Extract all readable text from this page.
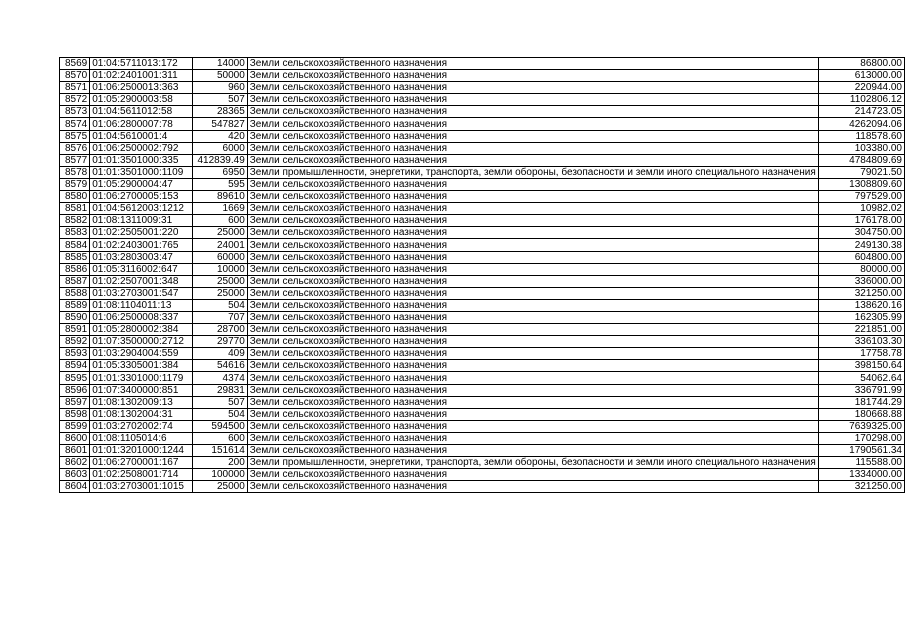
8569	01:04:5711013:172	14000	Земли сельскохозяйственного назначения	86800.00
8570	01:02:2401001:311	50000	Земли сельскохозяйственного назначения	613000.00
8571	01:06:2500013:363	960	Земли сельскохозяйственного назначения	220944.00
8572	01:05:2900003:58	507	Земли сельскохозяйственного назначения	1102806.12
8573	01:04:5611012:58	28365	Земли сельскохозяйственного назначения	214723.05
8574	01:06:2800007:78	547827	Земли сельскохозяйственного назначения	4262094.06
8575	01:04:5610001:4	420	Земли сельскохозяйственного назначения	118578.60
8576	01:06:2500002:792	6000	Земли сельскохозяйственного назначения	103380.00
8577	01:01:3501000:335	412839.49	Земли сельскохозяйственного назначения	4784809.69
8578	01:01:3501000:1109	6950	Земли промышленности, энергетики, транспорта, земли обороны, безопасности и земли иного специального назначения	79021.50
8579	01:05:2900004:47	595	Земли сельскохозяйственного назначения	1308809.60
8580	01:06:2700005:153	89610	Земли сельскохозяйственного назначения	797529.00
8581	01:04:5612003:1212	1669	Земли сельскохозяйственного назначения	10982.02
8582	01:08:1311009:31	600	Земли сельскохозяйственного назначения	176178.00
8583	01:02:2505001:220	25000	Земли сельскохозяйственного назначения	304750.00
8584	01:02:2403001:765	24001	Земли сельскохозяйственного назначения	249130.38
8585	01:03:2803003:47	60000	Земли сельскохозяйственного назначения	604800.00
8586	01:05:3116002:647	10000	Земли сельскохозяйственного назначения	80000.00
8587	01:02:2507001:348	25000	Земли сельскохозяйственного назначения	336000.00
8588	01:03:2703001:547	25000	Земли сельскохозяйственного назначения	321250.00
8589	01:08:1104011:13	504	Земли сельскохозяйственного назначения	138620.16
8590	01:06:2500008:337	707	Земли сельскохозяйственного назначения	162305.99
8591	01:05:2800002:384	28700	Земли сельскохозяйственного назначения	221851.00
8592	01:07:3500000:2712	29770	Земли сельскохозяйственного назначения	336103.30
8593	01:03:2904004:559	409	Земли сельскохозяйственного назначения	17758.78
8594	01:05:3305001:384	54616	Земли сельскохозяйственного назначения	398150.64
8595	01:01:3301000:1179	4374	Земли сельскохозяйственного назначения	54062.64
8596	01:07:3400000:851	29831	Земли сельскохозяйственного назначения	336791.99
8597	01:08:1302009:13	507	Земли сельскохозяйственного назначения	181744.29
8598	01:08:1302004:31	504	Земли сельскохозяйственного назначения	180668.88
8599	01:03:2702002:74	594500	Земли сельскохозяйственного назначения	7639325.00
8600	01:08:1105014:6	600	Земли сельскохозяйственного назначения	170298.00
8601	01:01:3201000:1244	151614	Земли сельскохозяйственного назначения	1790561.34
8602	01:06:2700001:167	200	Земли промышленности, энергетики, транспорта, земли обороны, безопасности и земли иного специального назначения	115588.00
8603	01:02:2508001:714	100000	Земли сельскохозяйственного назначения	1334000.00
8604	01:03:2703001:1015	25000	Земли сельскохозяйственного назначения	321250.00
